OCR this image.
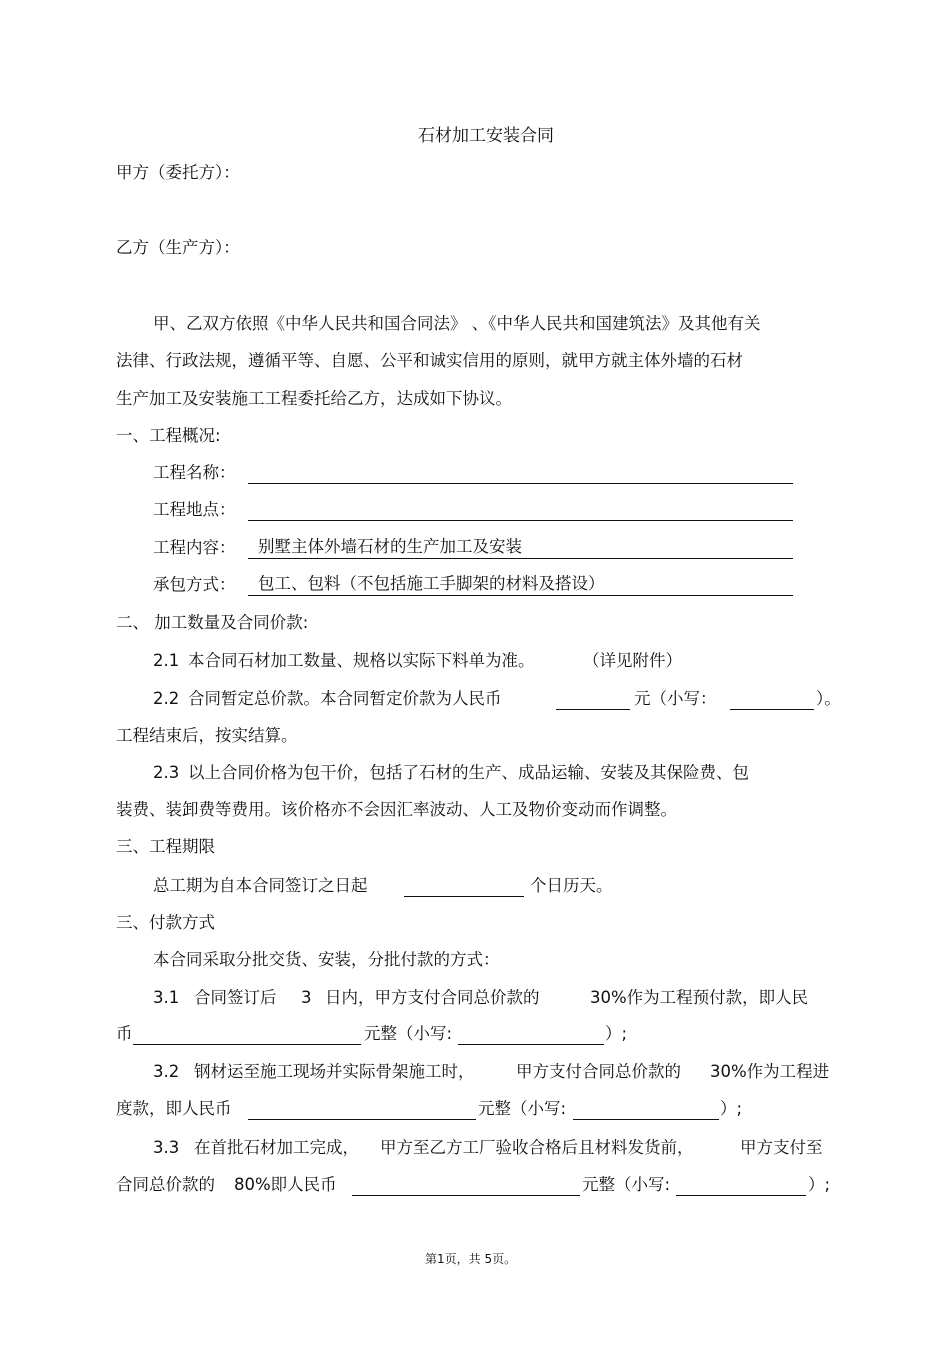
石材加工安装合同
甲方（委托方）：
乙方（生产方）：
甲、乙双方依照《中华人民共和国合同法》 、《中华人民共和国建筑法》及其他有关
法律、行政法规，遵循平等、自愿、公平和诚实信用的原则，就甲方就主体外墙的石材
生产加工及安装施工工程委托给乙方，达成如下协议。
一、工程概况:
工程名称：
工程地点：
工程内容：	别墅主体外墙石材的生产加工及安装
承包方式：	包工、包料（不包括施工手脚架的材料及搭设）
二、 加工数量及合同价款:
2.1 本合同石材加工数量、规格以实际下料单为准。	（详见附件）
2.2 合同暂定总价款。本合同暂定价款为人民币	元（小写：	）。
工程结束后，按实结算。
2.3 以上合同价格为包干价，包括了石材的生产、成品运输、安装及其保险费、包
装费、装卸费等费用。该价格亦不会因汇率波动、人工及物价变动而作调整。
三、工程期限
总工期为自本合同签订之日起	个日历天。
三、付款方式
本合同采取分批交货、安装，分批付款的方式：
3.1 合同签订后 3 日内，甲方支付合同总价款的	30%作为工程预付款，即人民
币	元整（小写:	）;
3.2 钢材运至施工现场并实际骨架施工时，	甲方支付合同总价款的 30%作为工程进
度款，即人民币	元整（小写:	）;
3.3 在首批石材加工完成， 甲方至乙方工厂验收合格后且材料发货前，	甲方支付至
合同总价款的 80%即人民币	元整（小写:	）;
第1页，共 5页。
